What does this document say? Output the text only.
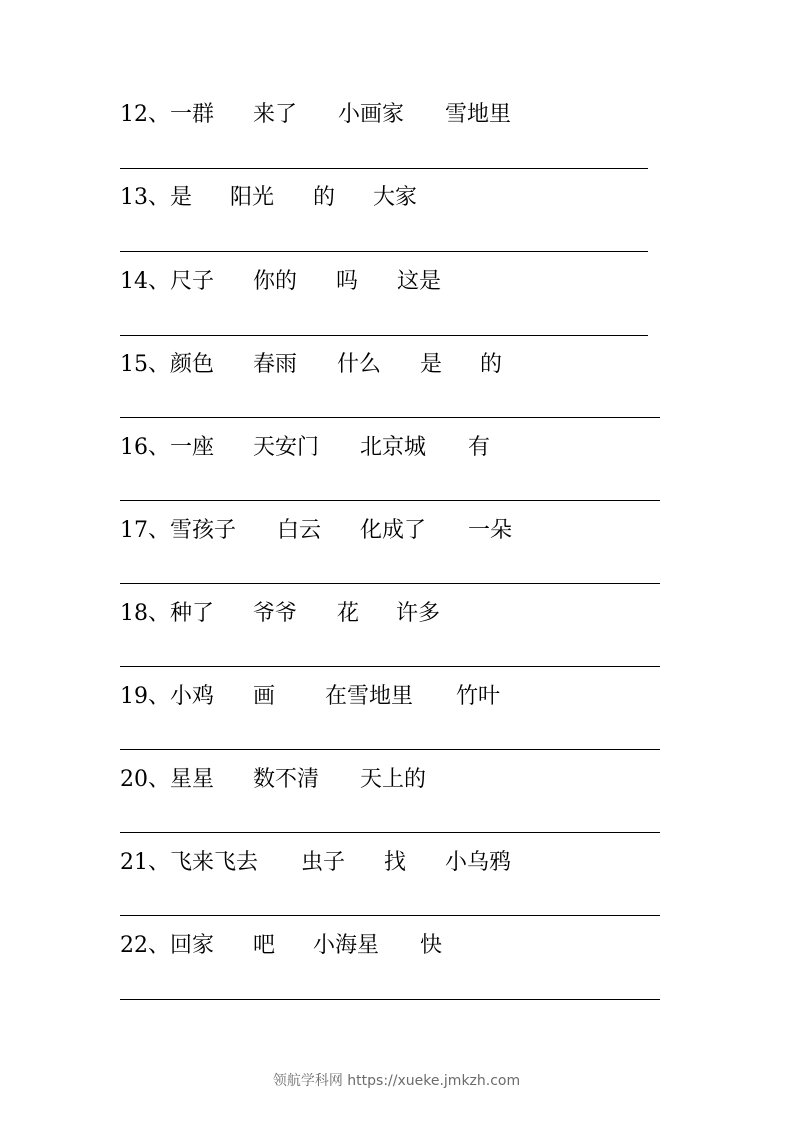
12、 一群 来了 小画家 雪地里
13、 是 阳光 的 大家
14、 尺子 你的 吗 这是
15、 颜色 春雨 什么 是 的
16、 一座 天安门 北京城 有
17、 雪孩子 白云 化成了 一朵
18、 种了 爷爷 花 许多
19、 小鸡 画 在雪地里 竹叶
20、 星星 数不清 天上的
21、 飞来飞去 虫子 找 小乌鸦
22、 回家 吧 小海星 快
领航学科网 https://xueke.jmkzh.com
